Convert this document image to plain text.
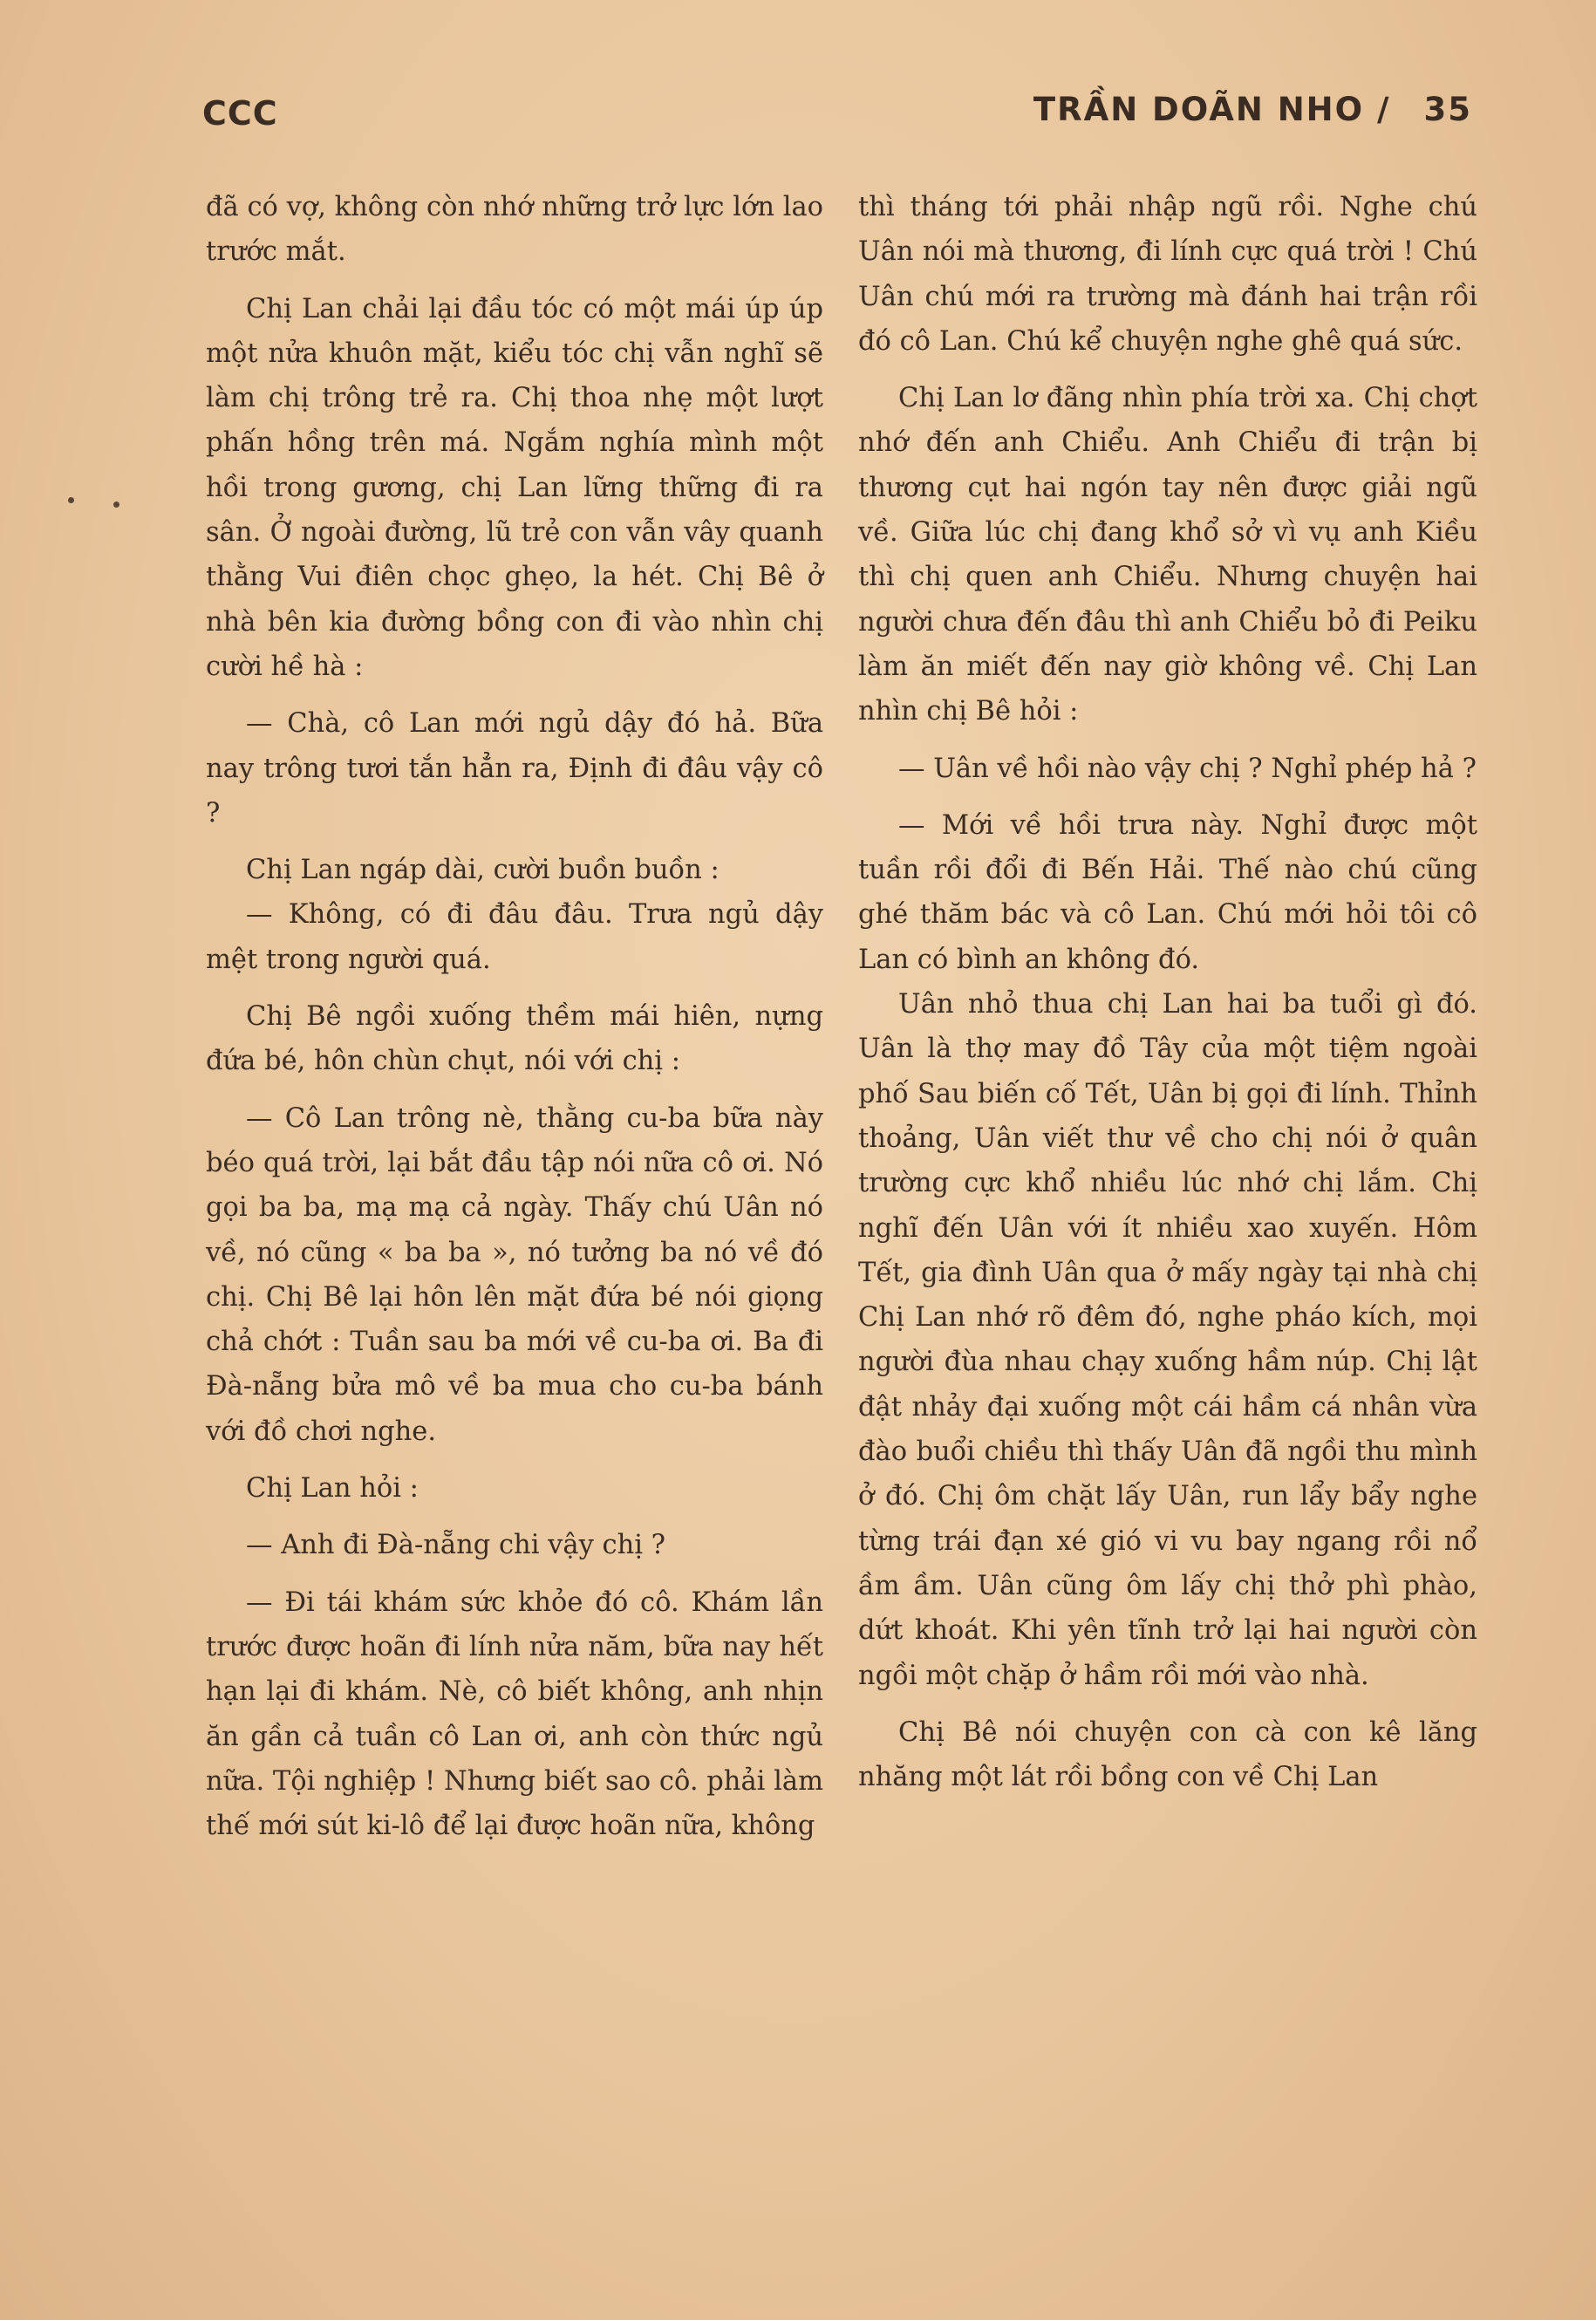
CCC	TRẦN DOÃN NHO / 35

đã có vợ, không còn nhớ những trở lực lớn lao trước mắt.

Chị Lan chải lại đầu tóc có một mái úp úp một nửa khuôn mặt, kiểu tóc chị vẫn nghĩ sẽ làm chị trông trẻ ra. Chị thoa nhẹ một lượt phấn hồng trên má. Ngắm nghía mình một hồi trong gương, chị Lan lững thững đi ra sân. Ở ngoài đường, lũ trẻ con vẫn vây quanh thằng Vui điên chọc ghẹo, la hét. Chị Bê ở nhà bên kia đường bồng con đi vào nhìn chị cười hề hà :

— Chà, cô Lan mới ngủ dậy đó hả. Bữa nay trông tươi tắn hẳn ra, Định đi đâu vậy cô ?

Chị Lan ngáp dài, cười buồn buồn :

— Không, có đi đâu đâu. Trưa ngủ dậy mệt trong người quá.

Chị Bê ngồi xuống thềm mái hiên, nựng đứa bé, hôn chùn chụt, nói với chị :

— Cô Lan trông nè, thằng cu-ba bữa này béo quá trời, lại bắt đầu tập nói nữa cô ơi. Nó gọi ba ba, mạ mạ cả ngày. Thấy chú Uân nó về, nó cũng « ba ba », nó tưởng ba nó về đó chị. Chị Bê lại hôn lên mặt đứa bé nói giọng chả chớt : Tuần sau ba mới về cu-ba ơi. Ba đi Đà-nẵng bửa mô về ba mua cho cu-ba bánh với đồ chơi nghe.

Chị Lan hỏi :

— Anh đi Đà-nẵng chi vậy chị ?

— Đi tái khám sức khỏe đó cô. Khám lần trước được hoãn đi lính nửa năm, bữa nay hết hạn lại đi khám. Nè, cô biết không, anh nhịn ăn gần cả tuần cô Lan ơi, anh còn thức ngủ nữa. Tội nghiệp ! Nhưng biết sao cô. phải làm thế mới sút ki-lô để lại được hoãn nữa, không

thì tháng tới phải nhập ngũ rồi. Nghe chú Uân nói mà thương, đi lính cực quá trời ! Chú Uân chú mới ra trường mà đánh hai trận rồi đó cô Lan. Chú kể chuyện nghe ghê quá sức.

Chị Lan lơ đãng nhìn phía trời xa. Chị chợt nhớ đến anh Chiểu. Anh Chiểu đi trận bị thương cụt hai ngón tay nên được giải ngũ về. Giữa lúc chị đang khổ sở vì vụ anh Kiều thì chị quen anh Chiểu. Nhưng chuyện hai người chưa đến đâu thì anh Chiểu bỏ đi Peiku làm ăn miết đến nay giờ không về. Chị Lan nhìn chị Bê hỏi :

— Uân về hồi nào vậy chị ? Nghỉ phép hả ?

— Mới về hồi trưa này. Nghỉ được một tuần rồi đổi đi Bến Hải. Thế nào chú cũng ghé thăm bác và cô Lan. Chú mới hỏi tôi cô Lan có bình an không đó.

Uân nhỏ thua chị Lan hai ba tuổi gì đó. Uân là thợ may đồ Tây của một tiệm ngoài phố Sau biến cố Tết, Uân bị gọi đi lính. Thỉnh thoảng, Uân viết thư về cho chị nói ở quân trường cực khổ nhiều lúc nhớ chị lắm. Chị nghĩ đến Uân với ít nhiều xao xuyến. Hôm Tết, gia đình Uân qua ở mấy ngày tại nhà chị Chị Lan nhớ rõ đêm đó, nghe pháo kích, mọi người đùa nhau chạy xuống hầm núp. Chị lật đật nhảy đại xuống một cái hầm cá nhân vừa đào buổi chiều thì thấy Uân đã ngồi thu mình ở đó. Chị ôm chặt lấy Uân, run lẩy bẩy nghe từng trái đạn xé gió vi vu bay ngang rồi nổ ầm ầm. Uân cũng ôm lấy chị thở phì phào, dứt khoát. Khi yên tĩnh trở lại hai người còn ngồi một chặp ở hầm rồi mới vào nhà.

Chị Bê nói chuyện con cà con kê lăng nhăng một lát rồi bồng con về Chị Lan
